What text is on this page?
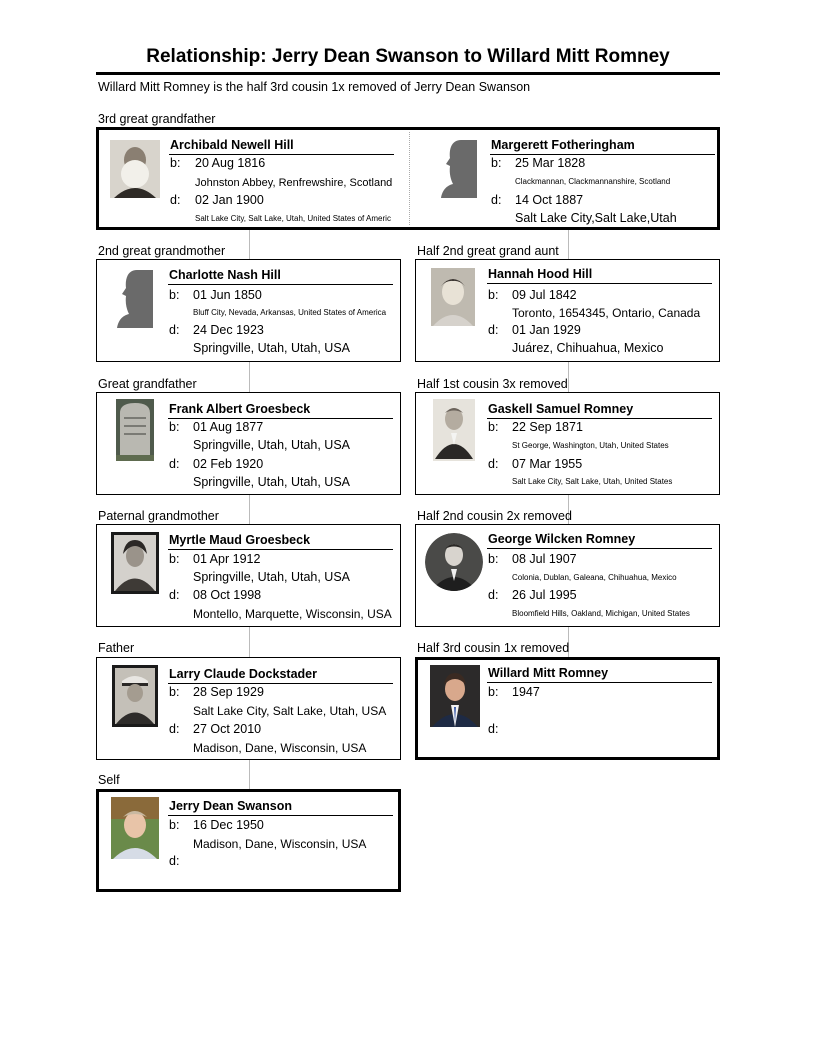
Relationship: Jerry Dean Swanson to Willard Mitt Romney
Willard Mitt Romney is the half 3rd cousin 1x removed of Jerry Dean Swanson
3rd great grandfather
Archibald Newell Hill
b: 20 Aug 1816
Johnston Abbey, Renfrewshire, Scotland
d: 02 Jan 1900
Salt Lake City, Salt Lake, Utah, United States of Americ
Margerett Fotheringham
b: 25 Mar 1828
Clackmannan, Clackmannanshire, Scotland
d: 14 Oct 1887
Salt Lake City,Salt Lake,Utah
2nd great grandmother	Half 2nd great grand aunt
Charlotte Nash Hill
b: 01 Jun 1850
Bluff City, Nevada, Arkansas, United States of America
d: 24 Dec 1923
Springville, Utah, Utah, USA
Hannah Hood Hill
b: 09 Jul 1842
Toronto, 1654345, Ontario, Canada
d: 01 Jan 1929
Juárez, Chihuahua, Mexico
Great grandfather	Half 1st cousin 3x removed
Frank Albert Groesbeck
b: 01 Aug 1877
Springville, Utah, Utah, USA
d: 02 Feb 1920
Springville, Utah, Utah, USA
Gaskell Samuel Romney
b: 22 Sep 1871
St George, Washington, Utah, United States
d: 07 Mar 1955
Salt Lake City, Salt Lake, Utah, United States
Paternal grandmother	Half 2nd cousin 2x removed
Myrtle Maud Groesbeck
b: 01 Apr 1912
Springville, Utah, Utah, USA
d: 08 Oct 1998
Montello, Marquette, Wisconsin, USA
George Wilcken Romney
b: 08 Jul 1907
Colonia, Dublan, Galeana, Chihuahua, Mexico
d: 26 Jul 1995
Bloomfield Hills, Oakland, Michigan, United States
Father	Half 3rd cousin 1x removed
Larry Claude Dockstader
b: 28 Sep 1929
Salt Lake City, Salt Lake, Utah, USA
d: 27 Oct 2010
Madison, Dane, Wisconsin, USA
Willard Mitt Romney
b: 1947
d:
Self
Jerry Dean Swanson
b: 16 Dec 1950
Madison, Dane, Wisconsin, USA
d:
